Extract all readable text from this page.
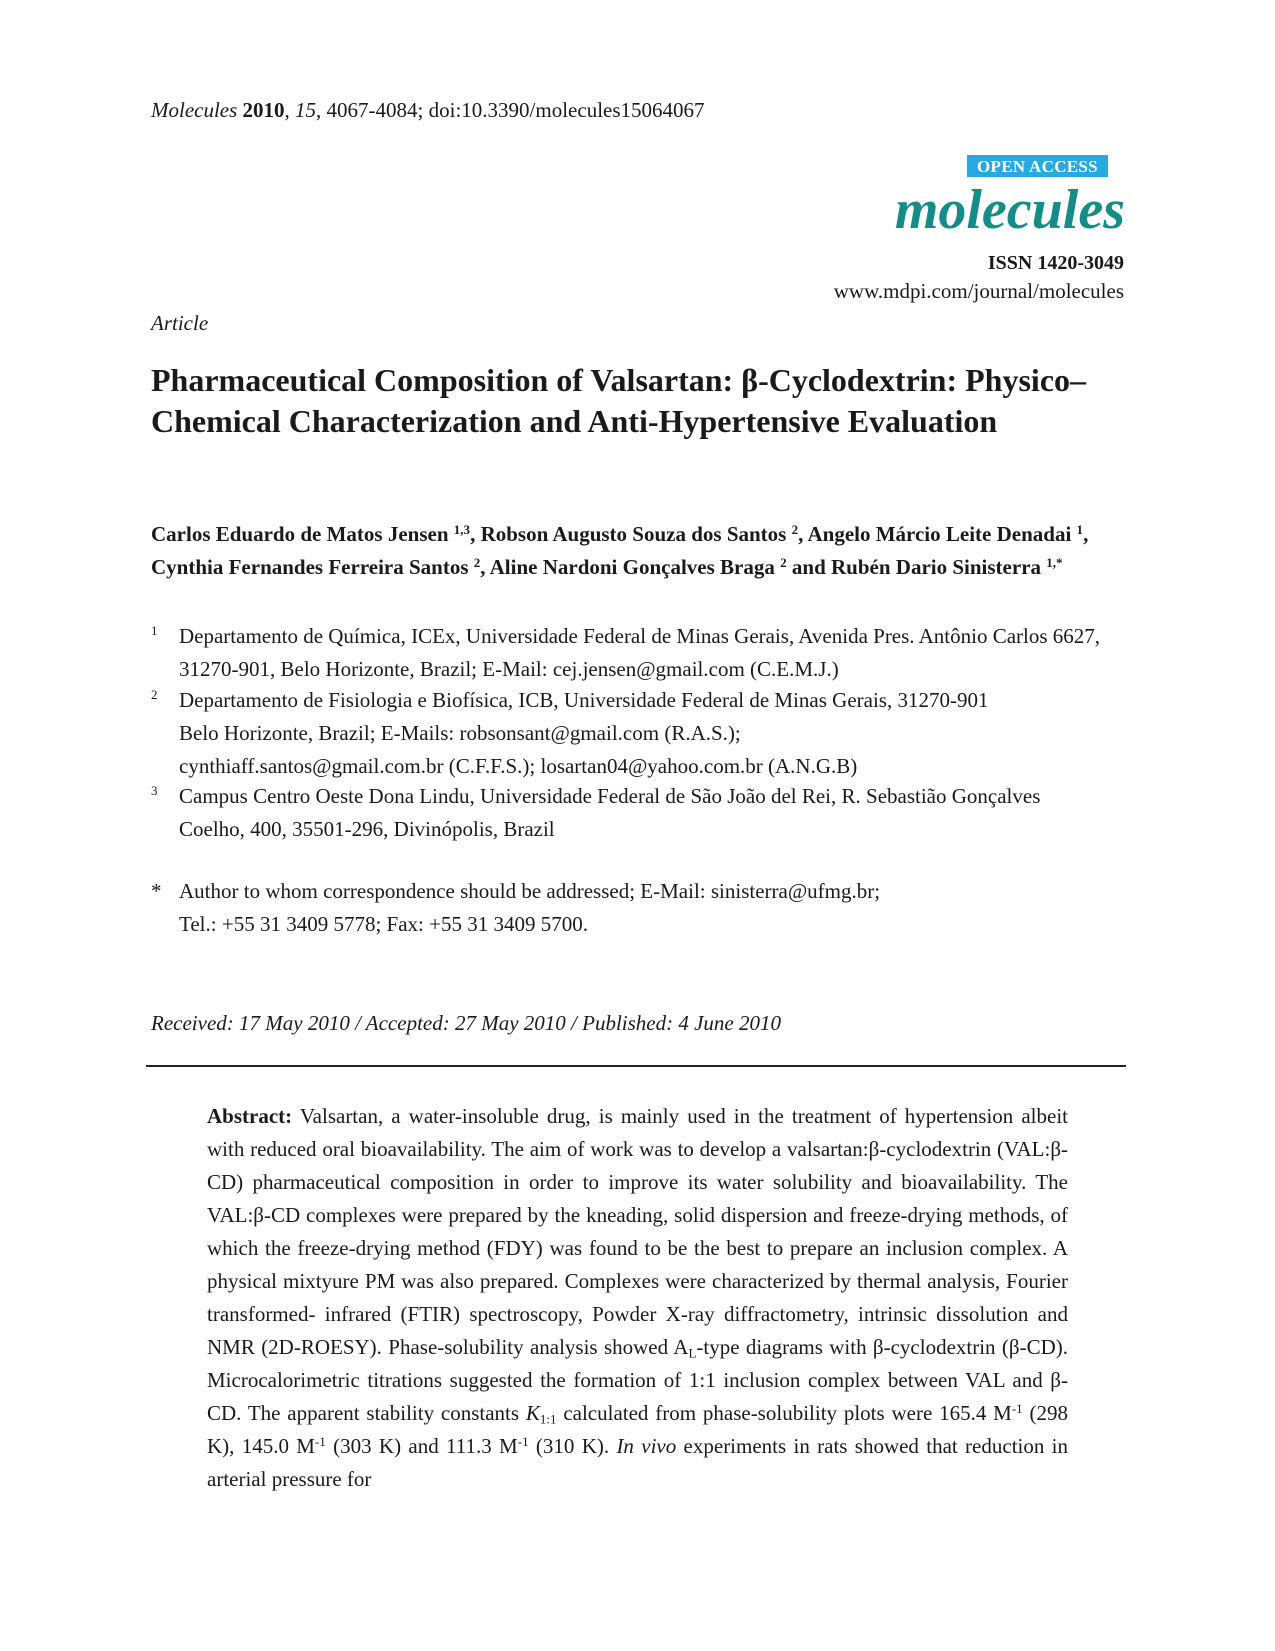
Molecules 2010, 15, 4067-4084; doi:10.3390/molecules15064067
OPEN ACCESS
molecules
ISSN 1420-3049
www.mdpi.com/journal/molecules
Article
Pharmaceutical Composition of Valsartan: β-Cyclodextrin: Physico–Chemical Characterization and Anti-Hypertensive Evaluation
Carlos Eduardo de Matos Jensen $^{1,3}$, Robson Augusto Souza dos Santos $^2$, Angelo Márcio Leite Denadai $^1$, Cynthia Fernandes Ferreira Santos $^2$, Aline Nardoni Gonçalves Braga $^2$ and Rubén Dario Sinisterra $^{1,*}$
1 Departamento de Química, ICEx, Universidade Federal de Minas Gerais, Avenida Pres. Antônio Carlos 6627, 31270-901, Belo Horizonte, Brazil; E-Mail: cej.jensen@gmail.com (C.E.M.J.)
2 Departamento de Fisiologia e Biofísica, ICB, Universidade Federal de Minas Gerais, 31270-901
Belo Horizonte, Brazil; E-Mails: robsonsant@gmail.com (R.A.S.);
cynthiaff.santos@gmail.com.br (C.F.F.S.); losartan04@yahoo.com.br (A.N.G.B)
3 Campus Centro Oeste Dona Lindu, Universidade Federal de São João del Rei, R. Sebastião Gonçalves Coelho, 400, 35501-296, Divinópolis, Brazil
* Author to whom correspondence should be addressed; E-Mail: sinisterra@ufmg.br;
Tel.: +55 31 3409 5778; Fax: +55 31 3409 5700.
Received: 17 May 2010 / Accepted: 27 May 2010 / Published: 4 June 2010
Abstract: Valsartan, a water-insoluble drug, is mainly used in the treatment of hypertension albeit with reduced oral bioavailability. The aim of work was to develop a valsartan:β-cyclodextrin (VAL:β-CD) pharmaceutical composition in order to improve its water solubility and bioavailability. The VAL:β-CD complexes were prepared by the kneading, solid dispersion and freeze-drying methods, of which the freeze-drying method (FDY) was found to be the best to prepare an inclusion complex. A physical mixtyure PM was also prepared. Complexes were characterized by thermal analysis, Fourier transformed- infrared (FTIR) spectroscopy, Powder X-ray diffractometry, intrinsic dissolution and NMR (2D-ROESY). Phase-solubility analysis showed $A_L$-type diagrams with β-cyclodextrin (β-CD). Microcalorimetric titrations suggested the formation of 1:1 inclusion complex between VAL and β-CD. The apparent stability constants $K_{1:1}$ calculated from phase-solubility plots were 165.4 $M^{-1}$ (298 K), 145.0 $M^{-1}$ (303 K) and 111.3 $M^{-1}$ (310 K). In vivo experiments in rats showed that reduction in arterial pressure for
